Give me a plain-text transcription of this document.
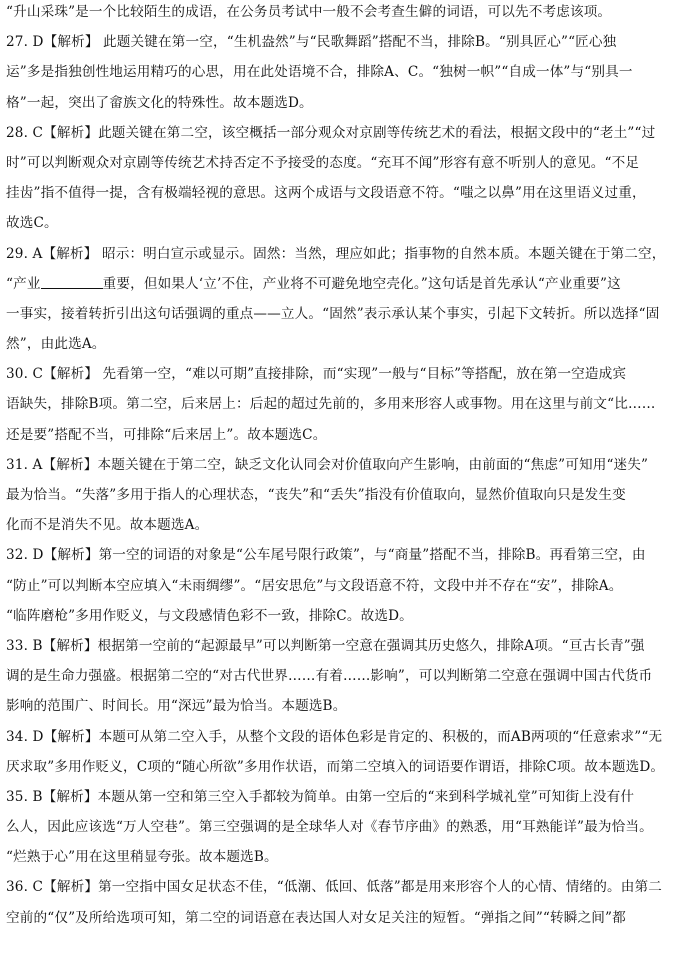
“升山采珠”是一个比较陌生的成语，在公务员考试中一般不会考查生僻的词语，可以先不考虑该项。
27. D【解析】 此题关键在第一空，“生机盎然”与“民歌舞蹈”搭配不当，排除B。“别具匠心”“匠心独
运”多是指独创性地运用精巧的心思，用在此处语境不合，排除A、C。“独树一帜”“自成一体”与“别具一
格”一起，突出了畲族文化的特殊性。故本题选D。
28. C【解析】此题关键在第二空，该空概括一部分观众对京剧等传统艺术的看法，根据文段中的“老土”“过
时”可以判断观众对京剧等传统艺术持否定不予接受的态度。“充耳不闻”形容有意不听别人的意见。“不足
挂齿”指不值得一提，含有极端轻视的意思。这两个成语与文段语意不符。“嗤之以鼻”用在这里语义过重，
故选C。
29. A【解析】 昭示：明白宣示或显示。固然：当然，理应如此；指事物的自然本质。本题关键在于第二空，
“产业	重要，但如果人‘立’不住，产业将不可避免地空壳化。”这句话是首先承认“产业重要”这
一事实，接着转折引出这句话强调的重点——立人。“固然”表示承认某个事实，引起下文转折。所以选择“固
然”，由此选A。
30. C【解析】 先看第一空，“难以可期”直接排除，而“实现”一般与“目标”等搭配，放在第一空造成宾
语缺失，排除B项。第二空，后来居上：后起的超过先前的，多用来形容人或事物。用在这里与前文“比……
还是要”搭配不当，可排除“后来居上”。故本题选C。
31. A【解析】本题关键在于第二空，缺乏文化认同会对价值取向产生影响，由前面的“焦虑”可知用“迷失”
最为恰当。“失落”多用于指人的心理状态，“丧失”和“丢失”指没有价值取向，显然价值取向只是发生变
化而不是消失不见。故本题选A。
32. D【解析】第一空的词语的对象是“公车尾号限行政策”，与“商量”搭配不当，排除B。再看第三空，由
“防止”可以判断本空应填入“未雨绸缪”。“居安思危”与文段语意不符，文段中并不存在“安”，排除A。
“临阵磨枪”多用作贬义，与文段感情色彩不一致，排除C。故选D。
33. B【解析】根据第一空前的“起源最早”可以判断第一空意在强调其历史悠久，排除A项。“亘古长青”强
调的是生命力强盛。根据第二空的“对古代世界……有着……影响”，可以判断第二空意在强调中国古代货币
影响的范围广、时间长。用“深远”最为恰当。本题选B。
34. D【解析】本题可从第二空入手，从整个文段的语体色彩是肯定的、积极的，而AB两项的“任意索求”“无
厌求取”多用作贬义，C项的“随心所欲”多用作状语，而第二空填入的词语要作谓语，排除C项。故本题选D。
35. B【解析】本题从第一空和第三空入手都较为简单。由第一空后的“来到科学城礼堂”可知街上没有什
么人，因此应该选“万人空巷”。第三空强调的是全球华人对《春节序曲》的熟悉，用“耳熟能详”最为恰当。
“烂熟于心”用在这里稍显夸张。故本题选B。
36. C【解析】第一空指中国女足状态不佳，“低潮、低回、低落”都是用来形容个人的心情、情绪的。由第二
空前的“仅”及所给选项可知，第二空的词语意在表达国人对女足关注的短暂。“弹指之间”“转瞬之间”都
